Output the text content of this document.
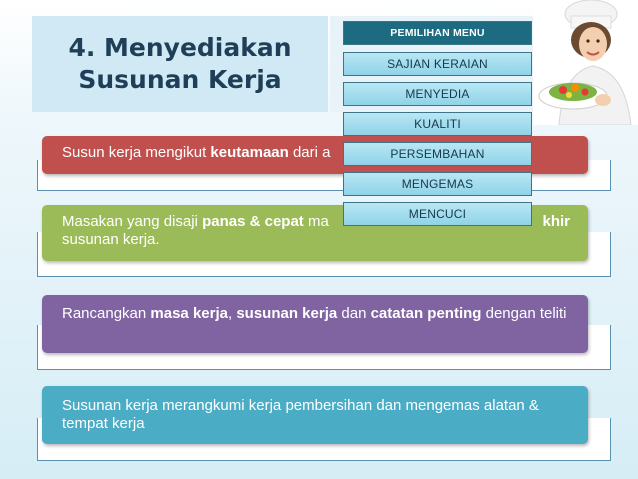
4. Menyediakan
Susunan Kerja
Susun kerja mengikut keutamaan dari a
Masakan yang disaji panas & cepat ma	khir
susunan kerja.
Rancangkan masa kerja, susunan kerja dan catatan penting dengan teliti
Susunan kerja merangkumi kerja pembersihan dan mengemas alatan & tempat kerja
PEMILIHAN MENU
SAJIAN KERAIAN
MENYEDIA
KUALITI
PERSEMBAHAN
MENGEMAS
MENCUCI
